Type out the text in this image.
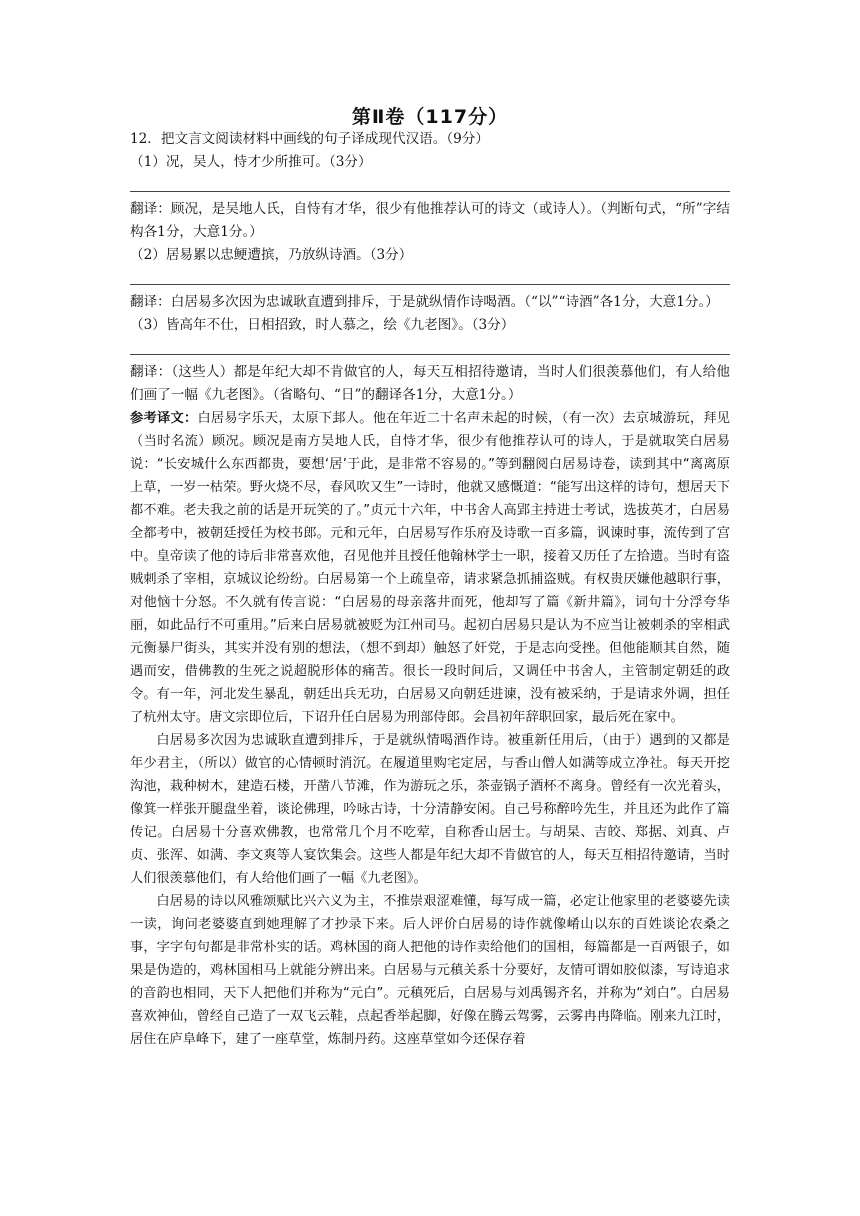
第Ⅱ卷（117分）

12．把文言文阅读材料中画线的句子译成现代汉语。（9分）

（1）况，吴人，恃才少所推可。（3分）

翻译：顾况，是吴地人氏，自恃有才华，很少有他推荐认可的诗文（或诗人）。（判断句式，“所”字结构各1分，大意1分。）

（2）居易累以忠鲠遭摈，乃放纵诗酒。（3分）

翻译：白居易多次因为忠诚耿直遭到排斥，于是就纵情作诗喝酒。（“以”“诗酒”各1分，大意1分。）

（3）皆高年不仕，日相招致，时人慕之，绘《九老图》。（3分）

翻译：（这些人）都是年纪大却不肯做官的人，每天互相招待邀请，当时人们很羡慕他们，有人给他们画了一幅《九老图》。（省略句、“日”的翻译各1分，大意1分。）

参考译文：白居易字乐天，太原下邽人。他在年近二十名声未起的时候，（有一次）去京城游玩，拜见（当时名流）顾况。顾况是南方吴地人氏，自恃才华，很少有他推荐认可的诗人，于是就取笑白居易说：“长安城什么东西都贵，要想‘居’于此，是非常不容易的。”等到翻阅白居易诗卷，读到其中“离离原上草，一岁一枯荣。野火烧不尽，春风吹又生”一诗时，他就又感慨道：“能写出这样的诗句，想居天下都不难。老夫我之前的话是开玩笑的了。”贞元十六年，中书舍人高郢主持进士考试，选拔英才，白居易全都考中，被朝廷授任为校书郎。元和元年，白居易写作乐府及诗歌一百多篇，讽谏时事，流传到了宫中。皇帝读了他的诗后非常喜欢他，召见他并且授任他翰林学士一职，接着又历任了左拾遗。当时有盗贼刺杀了宰相，京城议论纷纷。白居易第一个上疏皇帝，请求紧急抓捕盗贼。有权贵厌嫌他越职行事，对他恼十分怒。不久就有传言说：“白居易的母亲落井而死，他却写了篇《新井篇》，词句十分浮夸华丽，如此品行不可重用。”后来白居易就被贬为江州司马。起初白居易只是认为不应当让被刺杀的宰相武元衡暴尸街头，其实并没有别的想法，（想不到却）触怒了奸党，于是志向受挫。但他能顺其自然，随遇而安，借佛教的生死之说超脱形体的痛苦。很长一段时间后，又调任中书舍人，主管制定朝廷的政令。有一年，河北发生暴乱，朝廷出兵无功，白居易又向朝廷进谏，没有被采纳，于是请求外调，担任了杭州太守。唐文宗即位后，下诏升任白居易为刑部侍郎。会昌初年辞职回家，最后死在家中。

白居易多次因为忠诚耿直遭到排斥，于是就纵情喝酒作诗。被重新任用后，（由于）遇到的又都是年少君主，（所以）做官的心情顿时消沉。在履道里购宅定居，与香山僧人如满等成立净社。每天开挖沟池，栽种树木，建造石楼，开凿八节滩，作为游玩之乐，茶壶锅子酒杯不离身。曾经有一次光着头，像箕一样张开腿盘坐着，谈论佛理，吟咏古诗，十分清静安闲。自己号称醉吟先生，并且还为此作了篇传记。白居易十分喜欢佛教，也常常几个月不吃荤，自称香山居士。与胡杲、吉皎、郑据、刘真、卢贞、张浑、如满、李文爽等人宴饮集会。这些人都是年纪大却不肯做官的人，每天互相招待邀请，当时人们很羡慕他们，有人给他们画了一幅《九老图》。

白居易的诗以风雅颂赋比兴六义为主，不推崇艰涩难懂，每写成一篇，必定让他家里的老婆婆先读一读，询问老婆婆直到她理解了才抄录下来。后人评价白居易的诗作就像崤山以东的百姓谈论农桑之事，字字句句都是非常朴实的话。鸡林国的商人把他的诗作卖给他们的国相，每篇都是一百两银子，如果是伪造的，鸡林国相马上就能分辨出来。白居易与元稹关系十分要好，友情可谓如胶似漆，写诗追求的音韵也相同，天下人把他们并称为“元白”。元稹死后，白居易与刘禹锡齐名，并称为“刘白”。白居易喜欢神仙，曾经自己造了一双飞云鞋，点起香举起脚，好像在腾云驾雾，云雾冉冉降临。刚来九江时，居住在庐阜峰下，建了一座草堂，炼制丹药。这座草堂如今还保存着
